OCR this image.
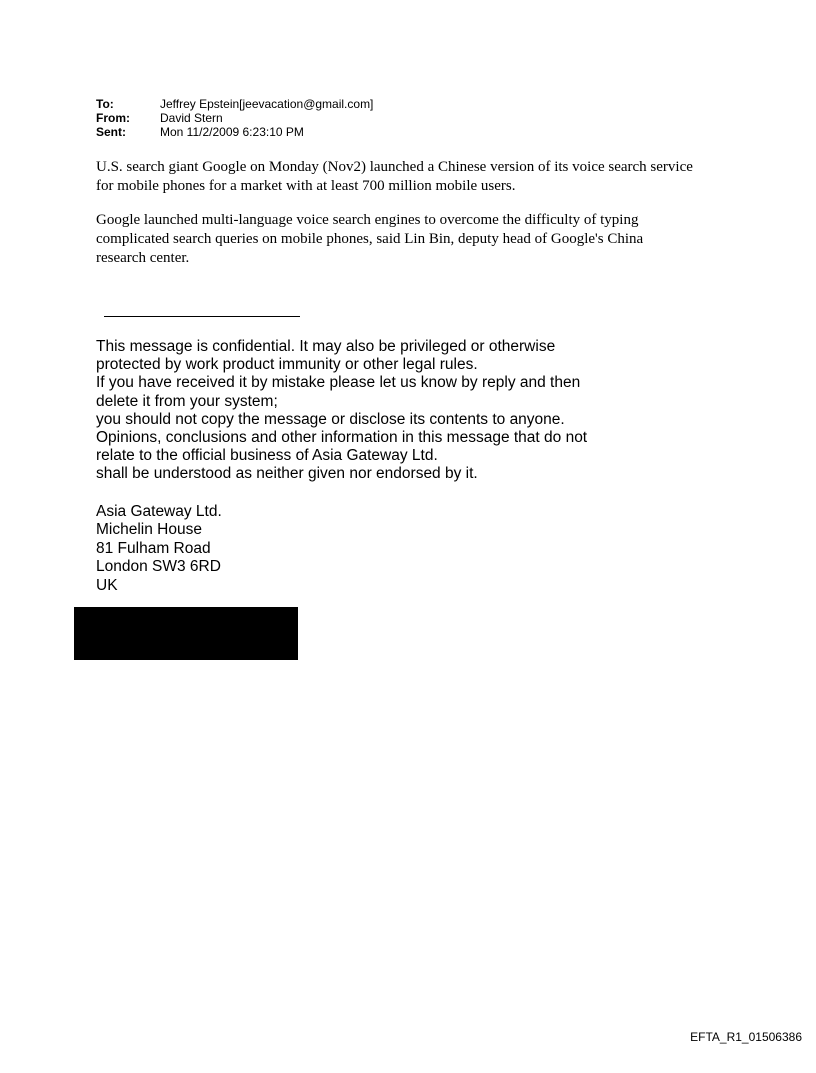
To:	Jeffrey Epstein[jeevacation@gmail.com]
From:	David Stern
Sent:	Mon 11/2/2009 6:23:10 PM

U.S. search giant Google on Monday (Nov2) launched a Chinese version of its voice search service for mobile phones for a market with at least 700 million mobile users.

Google launched multi-language voice search engines to overcome the difficulty of typing complicated search queries on mobile phones, said Lin Bin, deputy head of Google's China research center.

This message is confidential. It may also be privileged or otherwise
protected by work product immunity or other legal rules.
If you have received it by mistake please let us know by reply and then
delete it from your system;
you should not copy the message or disclose its contents to anyone.
Opinions, conclusions and other information in this message that do not
relate to the official business of Asia Gateway Ltd.
shall be understood as neither given nor endorsed by it.
Asia Gateway Ltd.
Michelin House
81 Fulham Road
London SW3 6RD
UK
EFTA_R1_01506386
